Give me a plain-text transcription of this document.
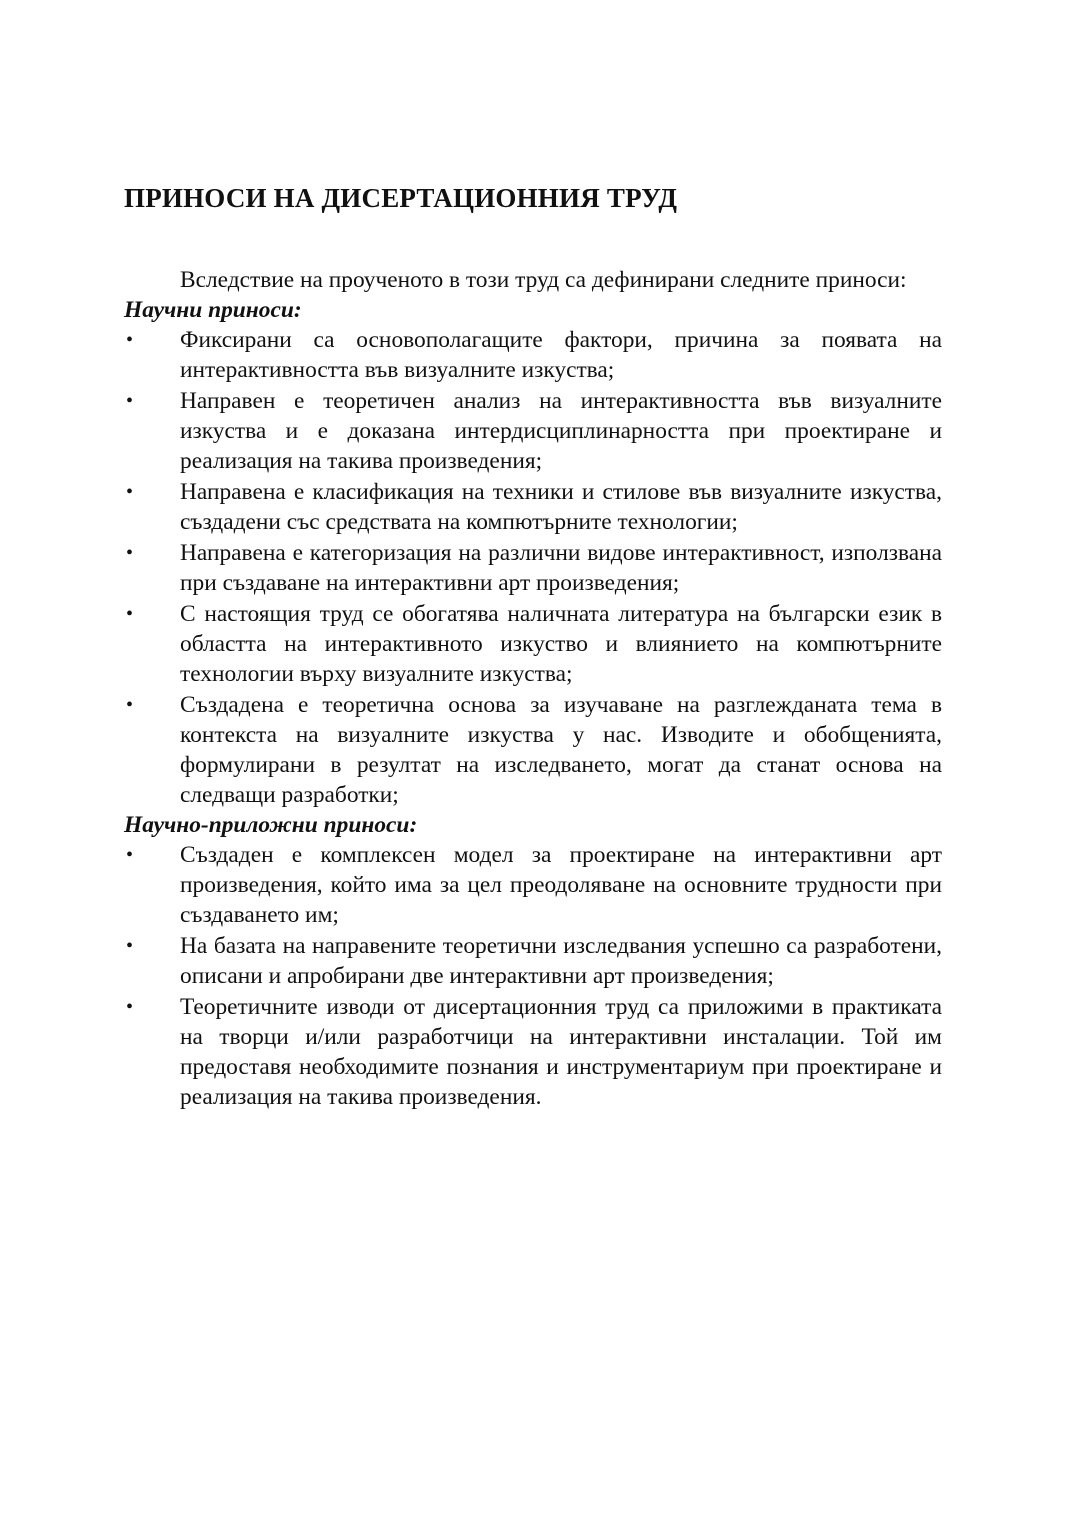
ПРИНОСИ НА ДИСЕРТАЦИОННИЯ ТРУД

Вследствие на проученото в този труд са дефинирани следните приноси:

Научни приноси:

•	Фиксирани са основополагащите фактори, причина за появата на интерактивността във визуалните изкуства;
•	Направен е теоретичен анализ на интерактивността във визуалните изкуства и е доказана интердисциплинарността при проектиране и реализация на такива произведения;
•	Направена е класификация на техники и стилове във визуалните изкуства, създадени със средствата на компютърните технологии;
•	Направена е категоризация на различни видове интерактивност, използвана при създаване на интерактивни арт произведения;
•	С настоящия труд се обогатява наличната литература на български език в областта на интерактивното изкуство и влиянието на компютърните технологии върху визуалните изкуства;
•	Създадена е теоретична основа за изучаване на разглежданата тема в контекста на визуалните изкуства у нас. Изводите и обобщенията, формулирани в резултат на изследването, могат да станат основа на следващи разработки;

Научно-приложни приноси:

•	Създаден е комплексен модел за проектиране на интерактивни арт произведения, който има за цел преодоляване на основните трудности при създаването им;
•	На базата на направените теоретични изследвания успешно са разработени, описани и апробирани две интерактивни арт произведения;
•	Теоретичните изводи от дисертационния труд са приложими в практиката на творци и/или разработчици на интерактивни инсталации. Той им предоставя необходимите познания и инструментариум при проектиране и реализация на такива произведения.
